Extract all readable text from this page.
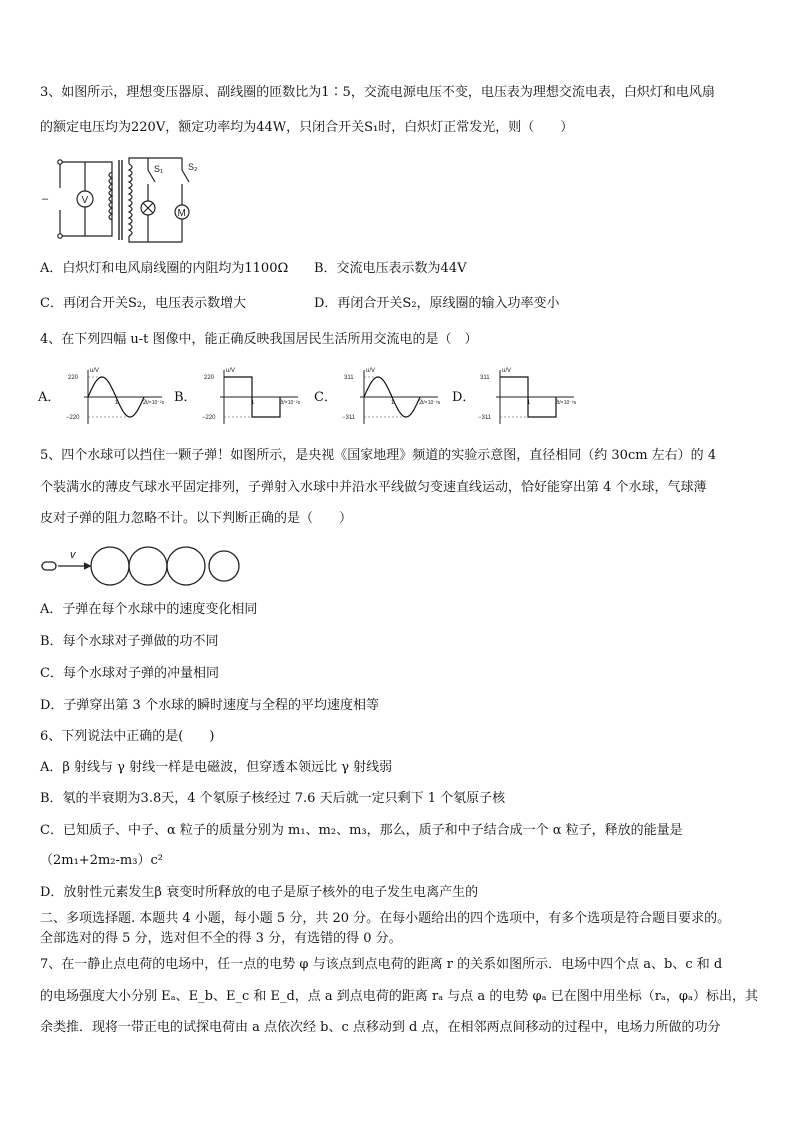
3、如图所示，理想变压器原、副线圈的匝数比为1∶5，交流电源电压不变，电压表为理想交流电表，白炽灯和电风扇
的额定电压均为220V，额定功率均为44W，只闭合开关S₁时，白炽灯正常发光，则（　　）
V
M
S₁	S₂
–
A．白炽灯和电风扇线圈的内阻均为1100Ω B．交流电压表示数为44V
C．再闭合开关S₂，电压表示数增大	D．再闭合开关S₂，原线圈的输入功率变小
4、在下列四幅 u-t 图像中，能正确反映我国居民生活所用交流电的是（　）
A．	B．	C．	D．
u/V
220
−220
1	2 t/×10⁻²s
u/V
220
−220
1	2 t/×10⁻²s
u/V
311
−311
1	2 t/×10⁻²s
u/V
311
−311
1	2 t/×10⁻²s
5、四个水球可以挡住一颗子弹！如图所示，是央视《国家地理》频道的实验示意图，直径相同（约 30cm 左右）的 4
个装满水的薄皮气球水平固定排列，子弹射入水球中并沿水平线做匀变速直线运动，恰好能穿出第 4 个水球，气球薄
皮对子弹的阻力忽略不计。以下判断正确的是（　　）
v
A．子弹在每个水球中的速度变化相同
B．每个水球对子弹做的功不同
C．每个水球对子弹的冲量相同
D．子弹穿出第 3 个水球的瞬时速度与全程的平均速度相等
6、下列说法中正确的是(　　)
A．β 射线与 γ 射线一样是电磁波，但穿透本领远比 γ 射线弱
B．氡的半衰期为3.8天，4 个氡原子核经过 7.6 天后就一定只剩下 1 个氡原子核
C．已知质子、中子、α 粒子的质量分别为 m₁、m₂、m₃，那么，质子和中子结合成一个 α 粒子，释放的能量是
（2m₁+2m₂-m₃）c²
D．放射性元素发生β 衰变时所释放的电子是原子核外的电子发生电离产生的
二、多项选择题. 本题共 4 小题，每小题 5 分，共 20 分。在每小题给出的四个选项中，有多个选项是符合题目要求的。
全部选对的得 5 分，选对但不全的得 3 分，有选错的得 0 分。
7、在一静止点电荷的电场中，任一点的电势 φ 与该点到点电荷的距离 r 的关系如图所示．电场中四个点 a、b、c 和 d
的电场强度大小分别 Eₐ、E_b、E_c 和 E_d，点 a 到点电荷的距离 rₐ 与点 a 的电势 φₐ 已在图中用坐标（rₐ，φₐ）标出，其
余类推．现将一带正电的试探电荷由 a 点依次经 b、c 点移动到 d 点，在相邻两点间移动的过程中，电场力所做的功分
